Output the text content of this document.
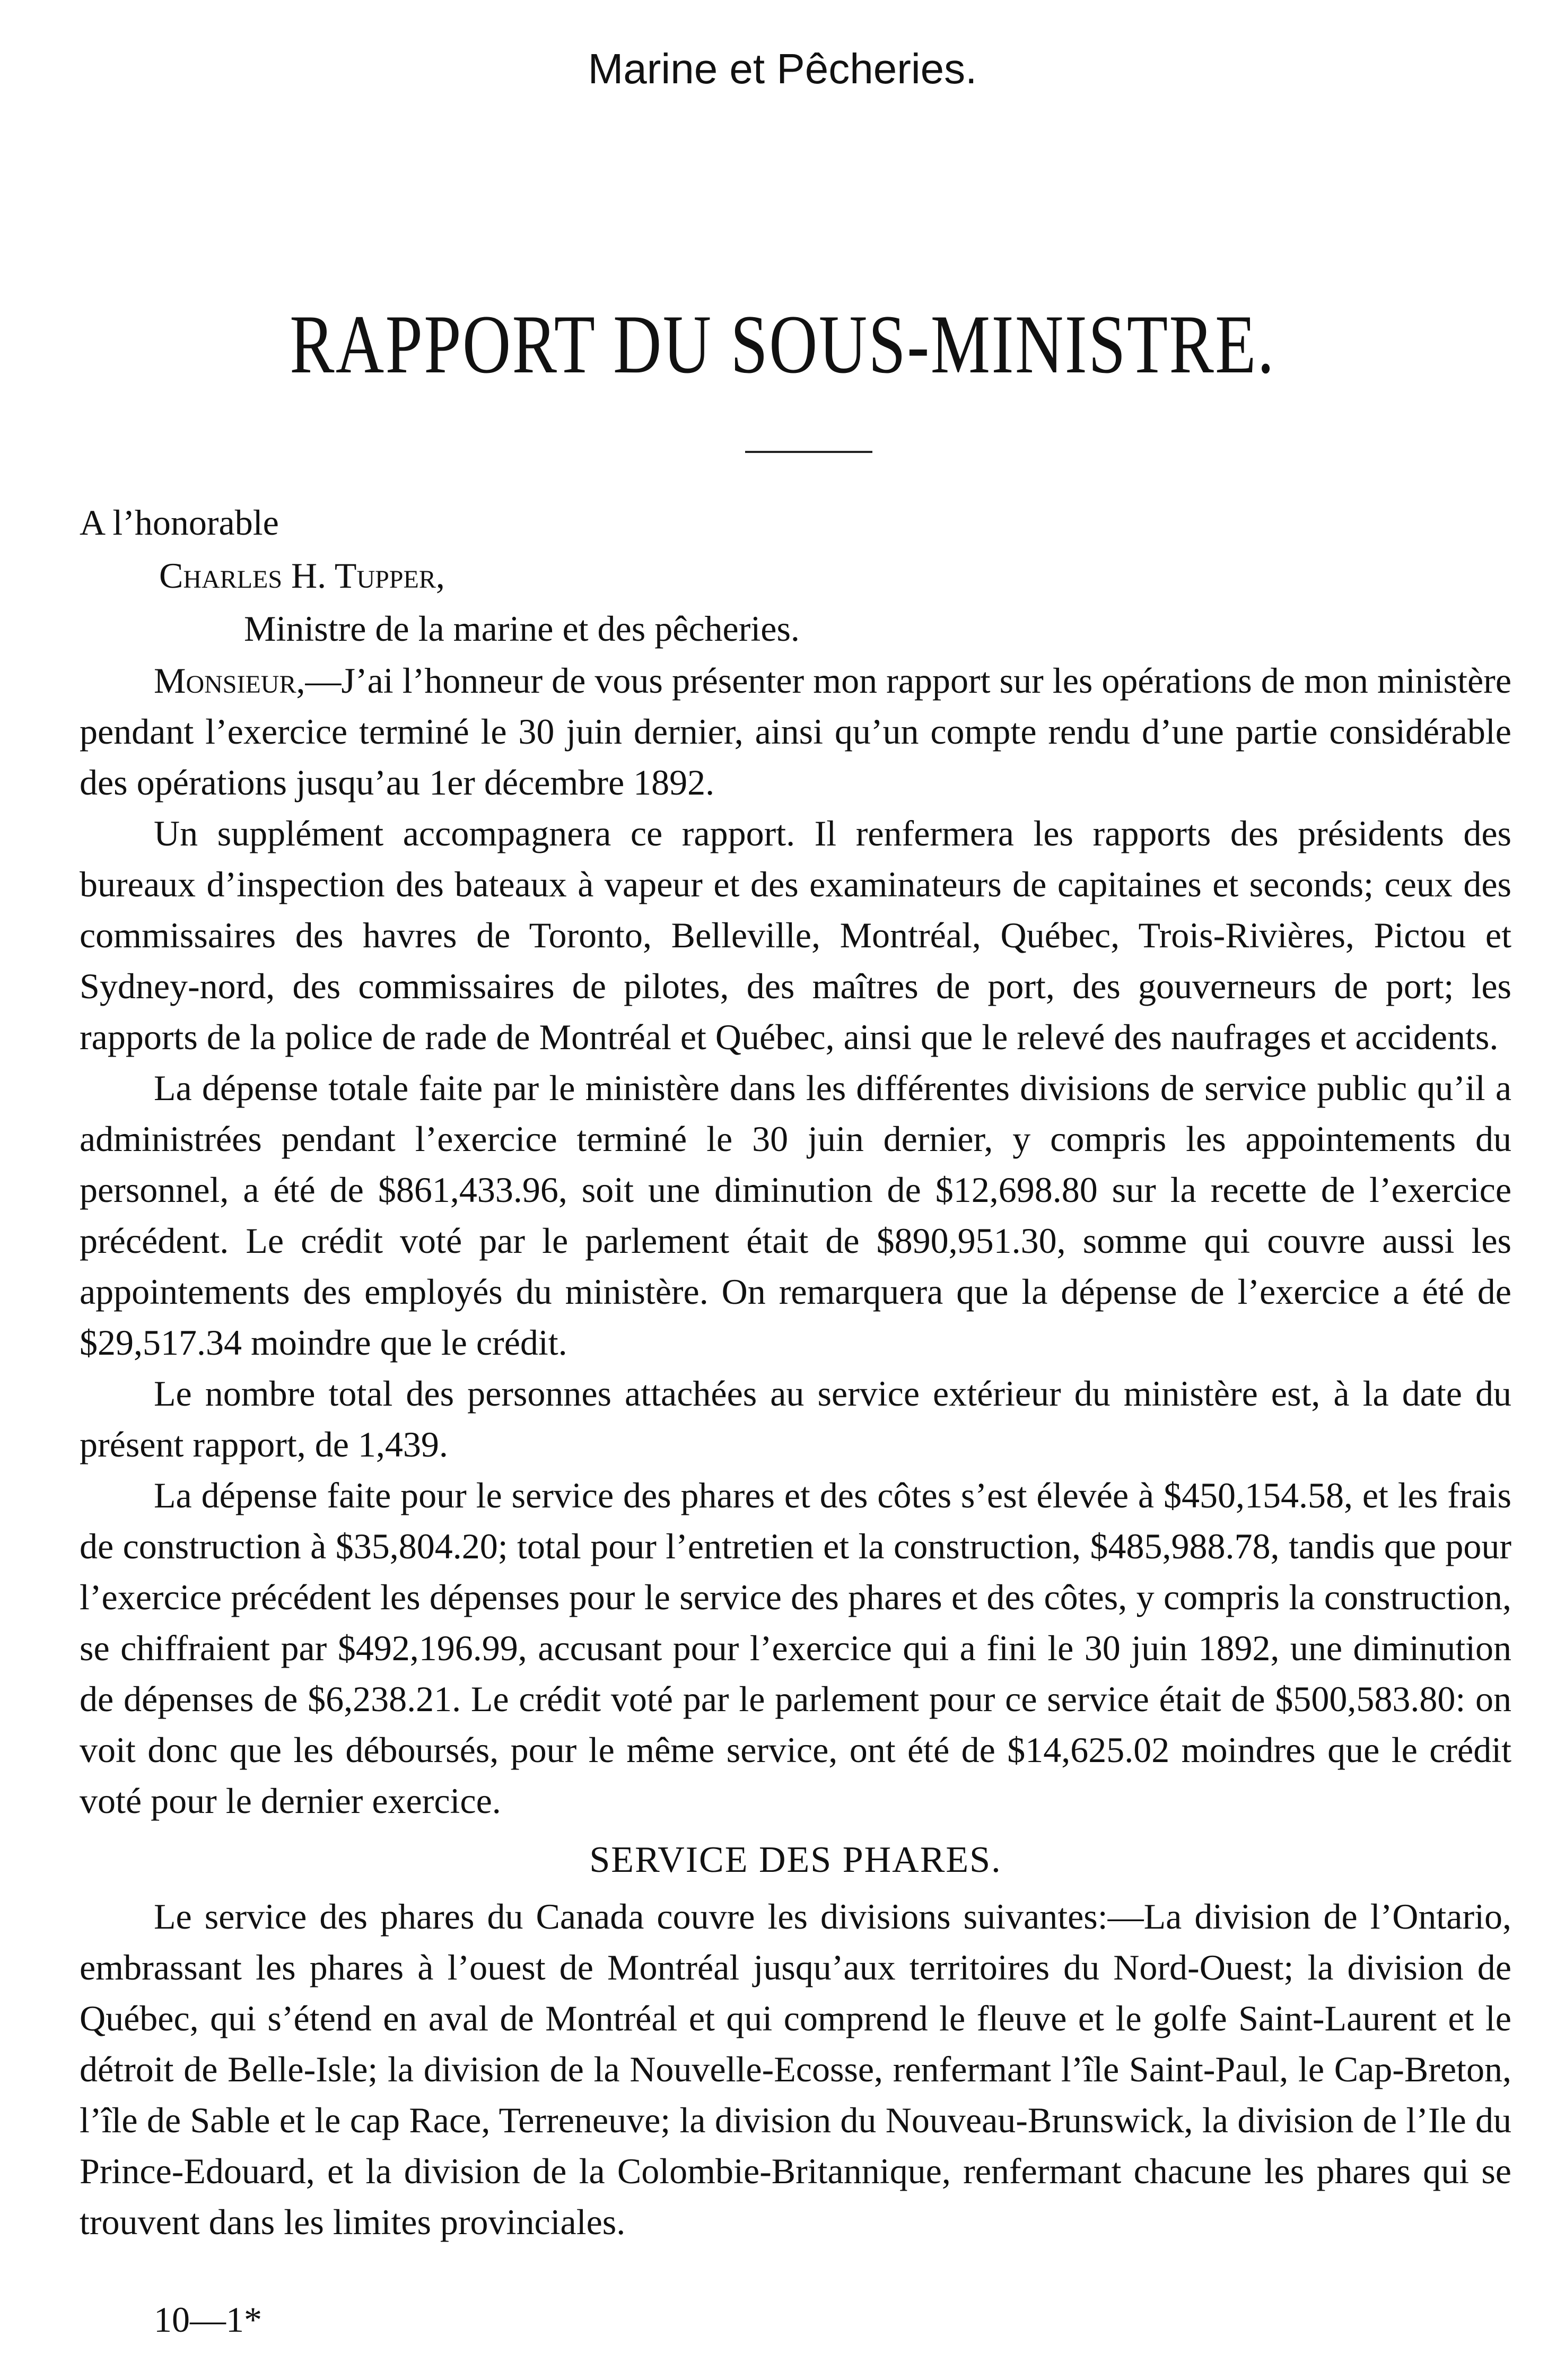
Marine et Pêcheries.
RAPPORT DU SOUS-MINISTRE.
A l’honorable
Charles H. Tupper,
Ministre de la marine et des pêcheries.

Monsieur,—J’ai l’honneur de vous présenter mon rapport sur les opérations de mon ministère pendant l’exercice terminé le 30 juin dernier, ainsi qu’un compte rendu d’une partie considérable des opérations jusqu’au 1er décembre 1892.

Un supplément accompagnera ce rapport. Il renfermera les rapports des présidents des bureaux d’inspection des bateaux à vapeur et des examinateurs de capitaines et seconds; ceux des commissaires des havres de Toronto, Belleville, Montréal, Québec, Trois-Rivières, Pictou et Sydney-nord, des commissaires de pilotes, des maîtres de port, des gouverneurs de port; les rapports de la police de rade de Montréal et Québec, ainsi que le relevé des naufrages et accidents.

La dépense totale faite par le ministère dans les différentes divisions de service public qu’il a administrées pendant l’exercice terminé le 30 juin dernier, y compris les appointements du personnel, a été de $861,433.96, soit une diminution de $12,698.80 sur la recette de l’exercice précédent. Le crédit voté par le parlement était de $890,951.30, somme qui couvre aussi les appointements des employés du ministère. On remarquera que la dépense de l’exercice a été de $29,517.34 moindre que le crédit.

Le nombre total des personnes attachées au service extérieur du ministère est, à la date du présent rapport, de 1,439.

La dépense faite pour le service des phares et des côtes s’est élevée à $450,154.58, et les frais de construction à $35,804.20; total pour l’entretien et la construction, $485,988.78, tandis que pour l’exercice précédent les dépenses pour le service des phares et des côtes, y compris la construction, se chiffraient par $492,196.99, accusant pour l’exercice qui a fini le 30 juin 1892, une diminution de dépenses de $6,238.21. Le crédit voté par le parlement pour ce service était de $500,583.80: on voit donc que les déboursés, pour le même service, ont été de $14,625.02 moindres que le crédit voté pour le dernier exercice.

SERVICE DES PHARES.

Le service des phares du Canada couvre les divisions suivantes:—La division de l’Ontario, embrassant les phares à l’ouest de Montréal jusqu’aux territoires du Nord-Ouest; la division de Québec, qui s’étend en aval de Montréal et qui comprend le fleuve et le golfe Saint-Laurent et le détroit de Belle-Isle; la division de la Nouvelle-Ecosse, renfermant l’île Saint-Paul, le Cap-Breton, l’île de Sable et le cap Race, Terreneuve; la division du Nouveau-Brunswick, la division de l’Ile du Prince-Edouard, et la division de la Colombie-Britannique, renfermant chacune les phares qui se trouvent dans les limites provinciales.

10—1*
